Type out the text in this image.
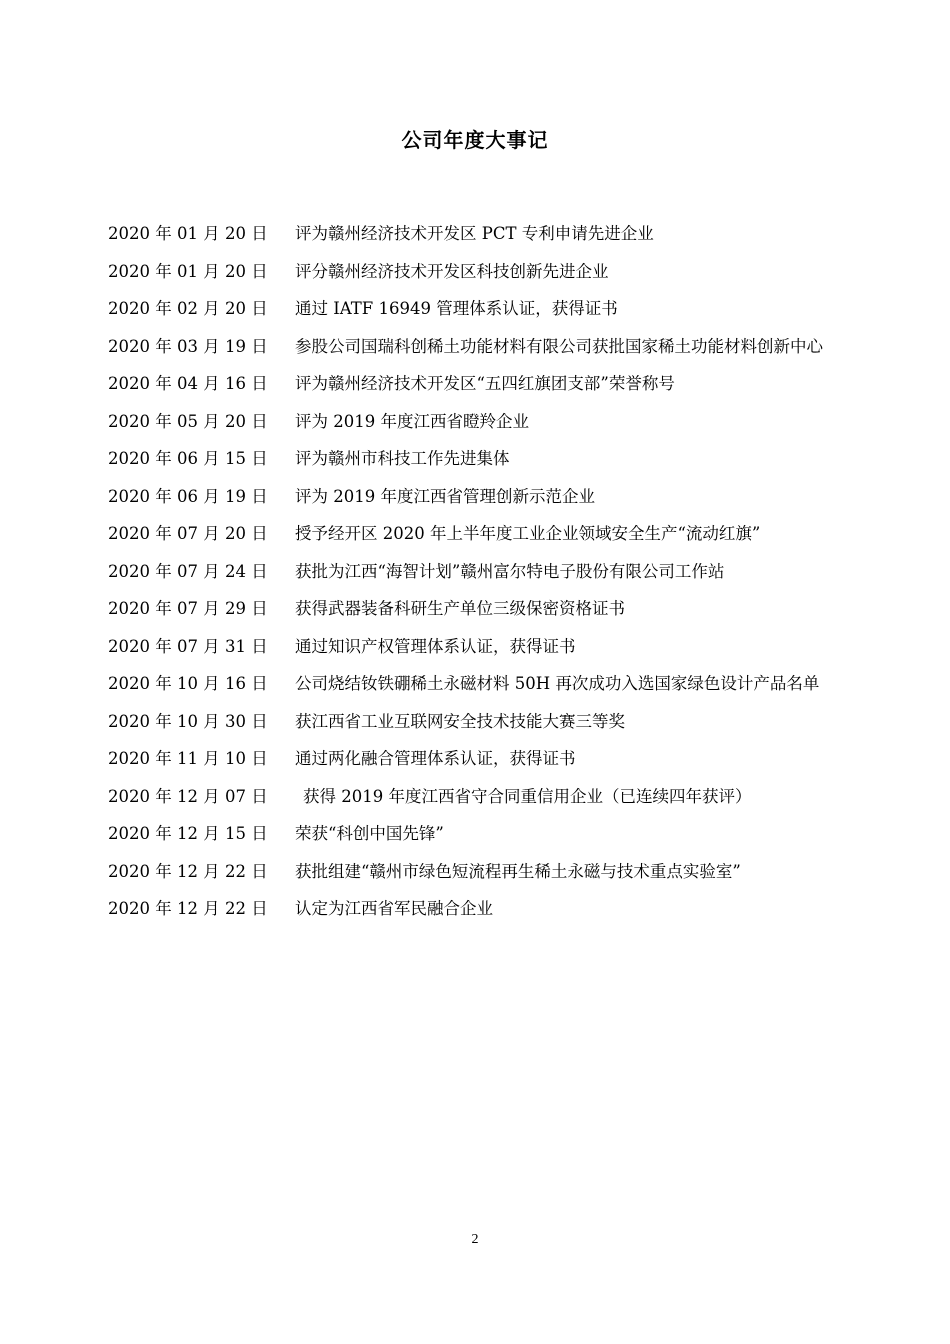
公司年度大事记
2020 年 01 月 20 日	评为赣州经济技术开发区 PCT 专利申请先进企业
2020 年 01 月 20 日	评分赣州经济技术开发区科技创新先进企业
2020 年 02 月 20 日	通过 IATF 16949 管理体系认证，获得证书
2020 年 03 月 19 日	参股公司国瑞科创稀土功能材料有限公司获批国家稀土功能材料创新中心
2020 年 04 月 16 日	评为赣州经济技术开发区“五四红旗团支部”荣誉称号
2020 年 05 月 20 日	评为 2019 年度江西省瞪羚企业
2020 年 06 月 15 日	评为赣州市科技工作先进集体
2020 年 06 月 19 日	评为 2019 年度江西省管理创新示范企业
2020 年 07 月 20 日	授予经开区 2020 年上半年度工业企业领域安全生产“流动红旗”
2020 年 07 月 24 日	获批为江西“海智计划”赣州富尔特电子股份有限公司工作站
2020 年 07 月 29 日	获得武器装备科研生产单位三级保密资格证书
2020 年 07 月 31 日	通过知识产权管理体系认证，获得证书
2020 年 10 月 16 日	公司烧结钕铁硼稀土永磁材料 50H 再次成功入选国家绿色设计产品名单
2020 年 10 月 30 日	获江西省工业互联网安全技术技能大赛三等奖
2020 年 11 月 10 日	通过两化融合管理体系认证，获得证书
2020 年 12 月 07 日	获得 2019 年度江西省守合同重信用企业（已连续四年获评）
2020 年 12 月 15 日	荣获“科创中国先锋”
2020 年 12 月 22 日	获批组建“赣州市绿色短流程再生稀土永磁与技术重点实验室”
2020 年 12 月 22 日	认定为江西省军民融合企业
2
